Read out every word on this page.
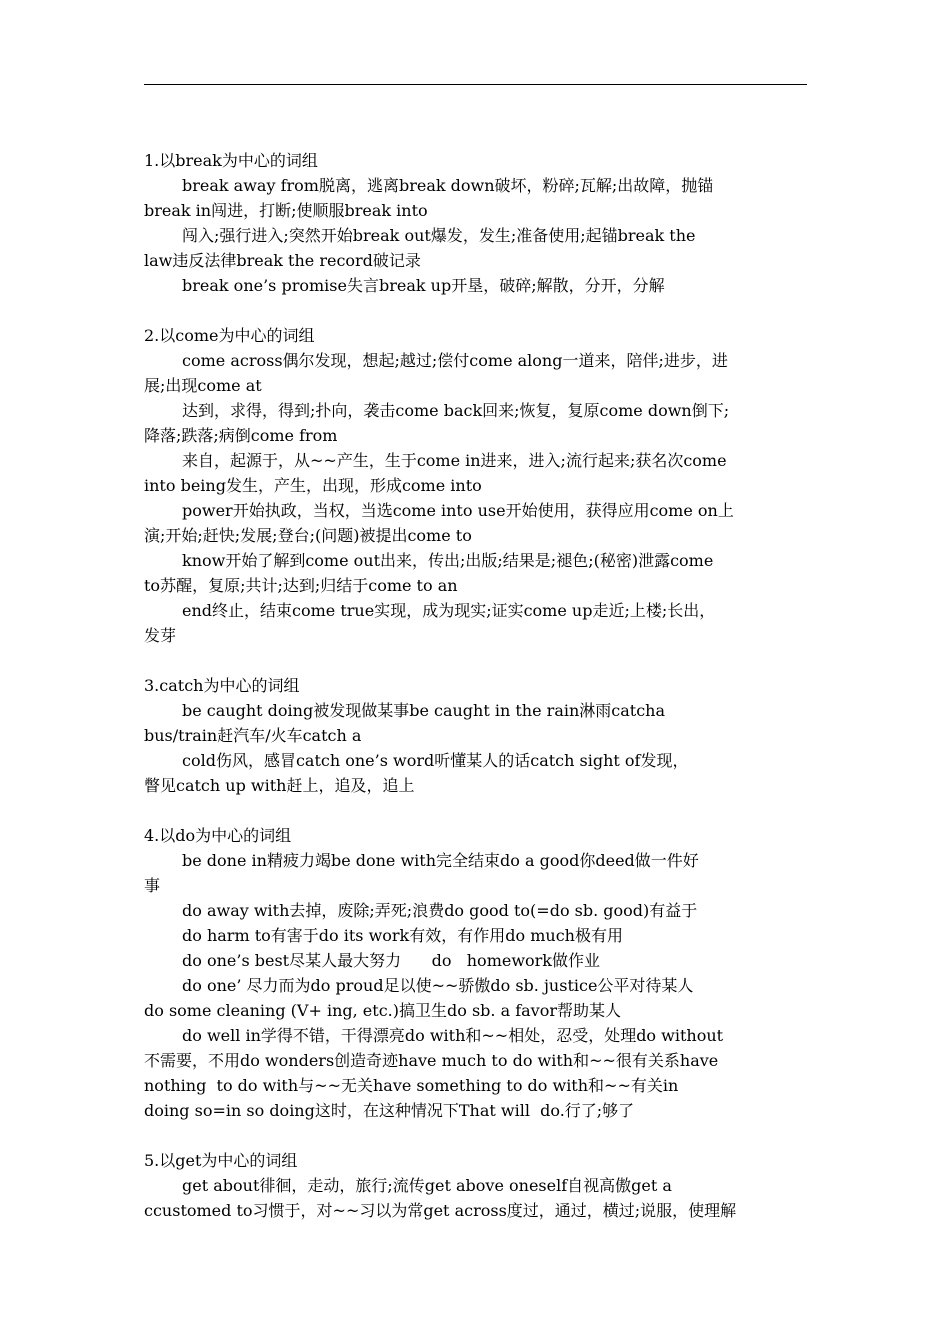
1.以break为中心的词组

break away from脱离，逃离break down破坏，粉碎;瓦解;出故障，抛锚
break in闯进，打断;使顺服break into

闯入;强行进入;突然开始break out爆发，发生;准备使用;起锚break the
law违反法律break the record破记录

break one’s promise失言break up开垦，破碎;解散，分开，分解

2.以come为中心的词组

come across偶尔发现，想起;越过;偿付come along一道来，陪伴;进步，进
展;出现come at

达到，求得，得到;扑向，袭击come back回来;恢复，复原come down倒下;
降落;跌落;病倒come from

来自，起源于，从~~产生，生于come in进来，进入;流行起来;获名次come
into being发生，产生，出现，形成come into

power开始执政，当权，当选come into use开始使用，获得应用come on上
演;开始;赶快;发展;登台;(问题)被提出come to

know开始了解到come out出来，传出;出版;结果是;褪色;(秘密)泄露come
to苏醒，复原;共计;达到;归结于come to an

end终止，结束come true实现，成为现实;证实come up走近;上楼;长出，
发芽

3.catch为中心的词组

be caught doing被发现做某事be caught in the rain淋雨catcha
bus/train赶汽车/火车catch a

cold伤风，感冒catch one’s word听懂某人的话catch sight of发现，
瞥见catch up with赶上，追及，追上

4.以do为中心的词组

be done in精疲力竭be done with完全结束do a good你deed做一件好
事

do away with去掉，废除;弄死;浪费do good to(=do sb. good)有益于

do harm to有害于do its work有效，有作用do much极有用

do one’s best尽某人最大努力      do   homework做作业

do one’ 尽力而为do proud足以使~~骄傲do sb. justice公平对待某人
do some cleaning (V+ ing, etc.)搞卫生do sb. a favor帮助某人

do well in学得不错，干得漂亮do with和~~相处，忍受，处理do without
不需要，不用do wonders创造奇迹have much to do with和~~很有关系have
nothing  to do with与~~无关have something to do with和~~有关in
doing so=in so doing这时，在这种情况下That will  do.行了;够了

5.以get为中心的词组

get about徘徊，走动，旅行;流传get above oneself自视高傲get a
ccustomed to习惯于，对~~习以为常get across度过，通过，横过;说服，使理解
